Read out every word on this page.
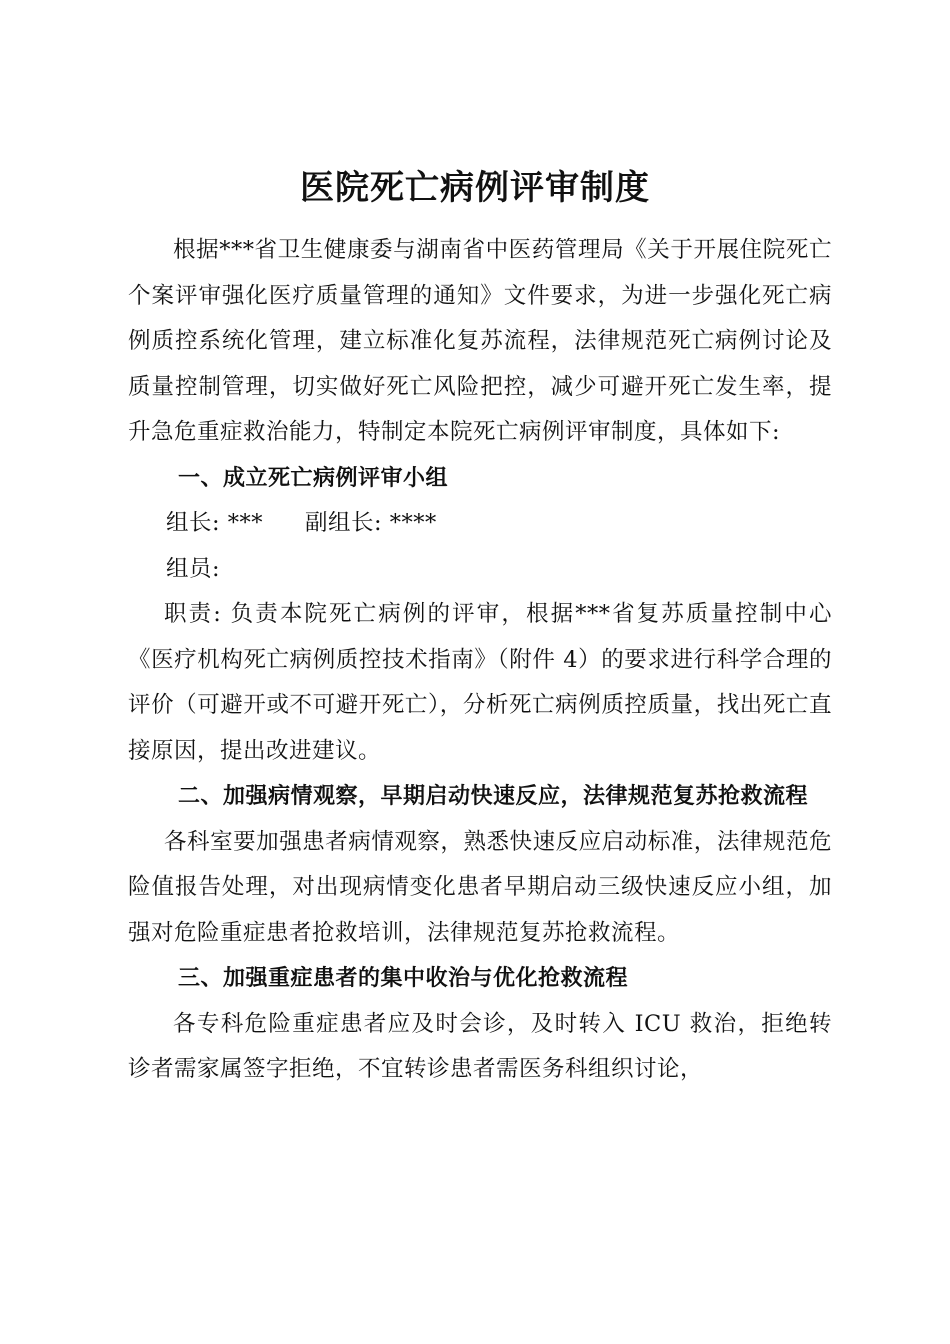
医院死亡病例评审制度

根据***省卫生健康委与湖南省中医药管理局《关于开展住院死亡个案评审强化医疗质量管理的通知》文件要求，为进一步强化死亡病例质控系统化管理，建立标准化复苏流程，法律规范死亡病例讨论及质量控制管理，切实做好死亡风险把控，减少可避开死亡发生率，提升急危重症救治能力，特制定本院死亡病例评审制度，具体如下:

一、成立死亡病例评审小组

组长: *** 副组长: ****

组员:

职责: 负责本院死亡病例的评审，根据***省复苏质量控制中心《医疗机构死亡病例质控技术指南》（附件 4）的要求进行科学合理的评价（可避开或不可避开死亡），分析死亡病例质控质量，找出死亡直接原因，提出改进建议。

二、加强病情观察，早期启动快速反应，法律规范复苏抢救流程

各科室要加强患者病情观察，熟悉快速反应启动标准，法律规范危险值报告处理，对出现病情变化患者早期启动三级快速反应小组，加强对危险重症患者抢救培训，法律规范复苏抢救流程。

三、加强重症患者的集中收治与优化抢救流程

各专科危险重症患者应及时会诊，及时转入 ICU 救治，拒绝转诊者需家属签字拒绝，不宜转诊患者需医务科组织讨论，
